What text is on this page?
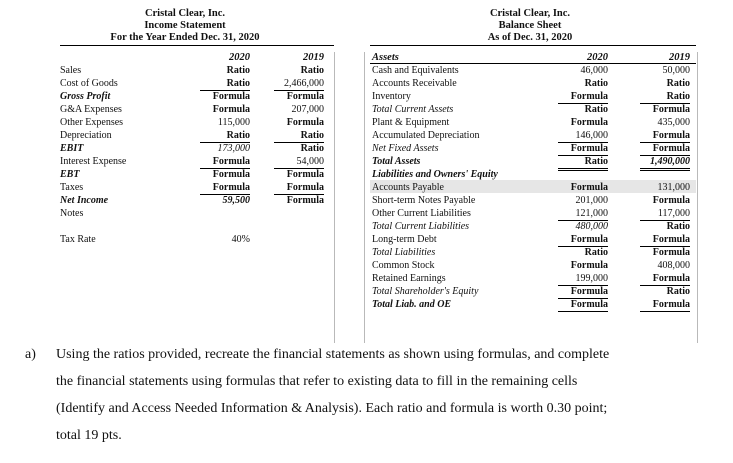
Cristal Clear, Inc.
Income Statement
For the Year Ended Dec. 31, 2020
2020	2019
Sales	Ratio	Ratio
Cost of Goods	Ratio	2,466,000
Gross Profit	Formula	Formula
G&A Expenses	Formula	207,000
Other Expenses	115,000	Formula
Depreciation	Ratio	Ratio
EBIT	173,000	Ratio
Interest Expense	Formula	54,000
EBT	Formula	Formula
Taxes	Formula	Formula
Net Income	59,500	Formula
Notes
Tax Rate	40%
Cristal Clear, Inc.
Balance Sheet
As of Dec. 31, 2020
Assets	2020	2019
Cash and Equivalents	46,000	50,000
Accounts Receivable	Ratio	Ratio
Inventory	Formula	Ratio
Total Current Assets	Ratio	Formula
Plant & Equipment	Formula	435,000
Accumulated Depreciation	146,000	Formula
Net Fixed Assets	Formula	Formula
Total Assets	Ratio	1,490,000
Liabilities and Owners' Equity
Accounts Payable	Formula	131,000
Short-term Notes Payable	201,000	Formula
Other Current Liabilities	121,000	117,000
Total Current Liabilities	480,000	Ratio
Long-term Debt	Formula	Formula
Total Liabilities	Ratio	Formula
Common Stock	Formula	408,000
Retained Earnings	199,000	Formula
Total Shareholder's Equity	Formula	Ratio
Total Liab. and OE	Formula	Formula
a) Using the ratios provided, recreate the financial statements as shown using formulas, and complete
the financial statements using formulas that refer to existing data to fill in the remaining cells
(Identify and Access Needed Information & Analysis). Each ratio and formula is worth 0.30 point;
total 19 pts.
